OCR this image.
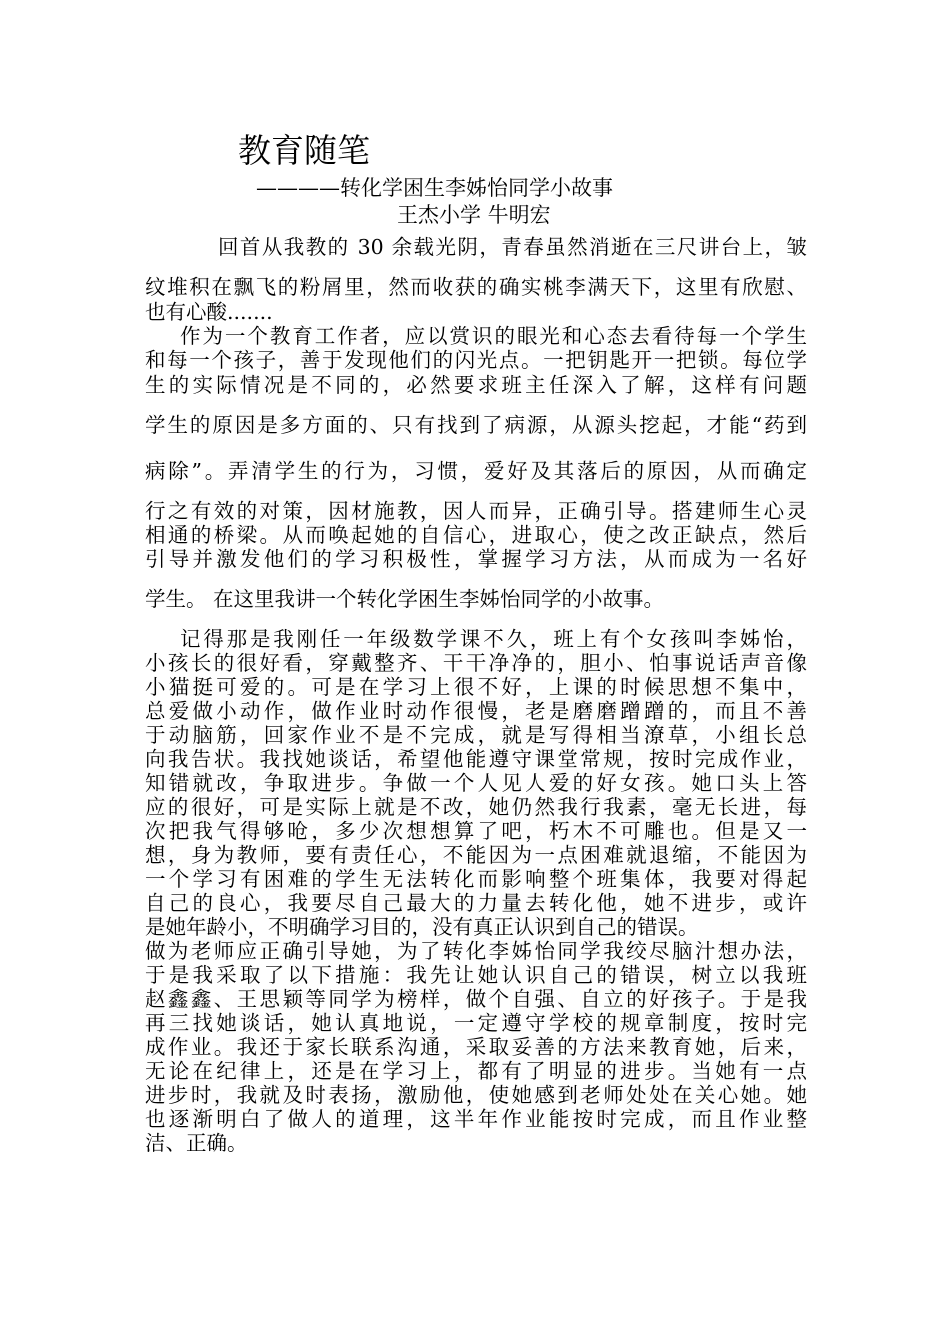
教育随笔
————转化学困生李姊怡同学小故事
王杰小学 牛明宏
回首从我教的 30 余载光阴，青春虽然消逝在三尺讲台上，皱
纹堆积在飘飞的粉屑里，然而收获的确实桃李满天下，这里有欣慰、
也有心酸.......
作为一个教育工作者，应以赏识的眼光和心态去看待每一个学生
和每一个孩子，善于发现他们的闪光点。一把钥匙开一把锁。每位学
生的实际情况是不同的，必然要求班主任深入了解，这样有问题
学生的原因是多方面的、只有找到了病源，从源头挖起，才能“药到
病除”。弄清学生的行为，习惯，爱好及其落后的原因，从而确定
行之有效的对策，因材施教，因人而异，正确引导。搭建师生心灵
相通的桥梁。从而唤起她的自信心，进取心，使之改正缺点，然后
引导并激发他们的学习积极性，掌握学习方法，从而成为一名好
学生。 在这里我讲一个转化学困生李姊怡同学的小故事。
记得那是我刚任一年级数学课不久，班上有个女孩叫李姊怡，
小孩长的很好看，穿戴整齐、干干净净的，胆小、怕事说话声音像
小猫挺可爱的。可是在学习上很不好，上课的时候思想不集中，
总爱做小动作，做作业时动作很慢，老是磨磨蹭蹭的，而且不善
于动脑筋，回家作业不是不完成，就是写得相当潦草，小组长总
向我告状。我找她谈话，希望他能遵守课堂常规，按时完成作业，
知错就改，争取进步。争做一个人见人爱的好女孩。她口头上答
应的很好，可是实际上就是不改，她仍然我行我素，毫无长进，每
次把我气得够呛，多少次想想算了吧，朽木不可雕也。但是又一
想，身为教师，要有责任心，不能因为一点困难就退缩，不能因为
一个学习有困难的学生无法转化而影响整个班集体，我要对得起
自己的良心，我要尽自己最大的力量去转化他，她不进步，或许
是她年龄小，不明确学习目的，没有真正认识到自己的错误。
做为老师应正确引导她，为了转化李姊怡同学我绞尽脑汁想办法，
于是我采取了以下措施：我先让她认识自己的错误，树立以我班
赵鑫鑫、王思颖等同学为榜样，做个自强、自立的好孩子。于是我
再三找她谈话，她认真地说，一定遵守学校的规章制度，按时完
成作业。我还于家长联系沟通，采取妥善的方法来教育她，后来，
无论在纪律上，还是在学习上，都有了明显的进步。当她有一点
进步时，我就及时表扬，激励他，使她感到老师处处在关心她。她
也逐渐明白了做人的道理，这半年作业能按时完成，而且作业整
洁、正确。
